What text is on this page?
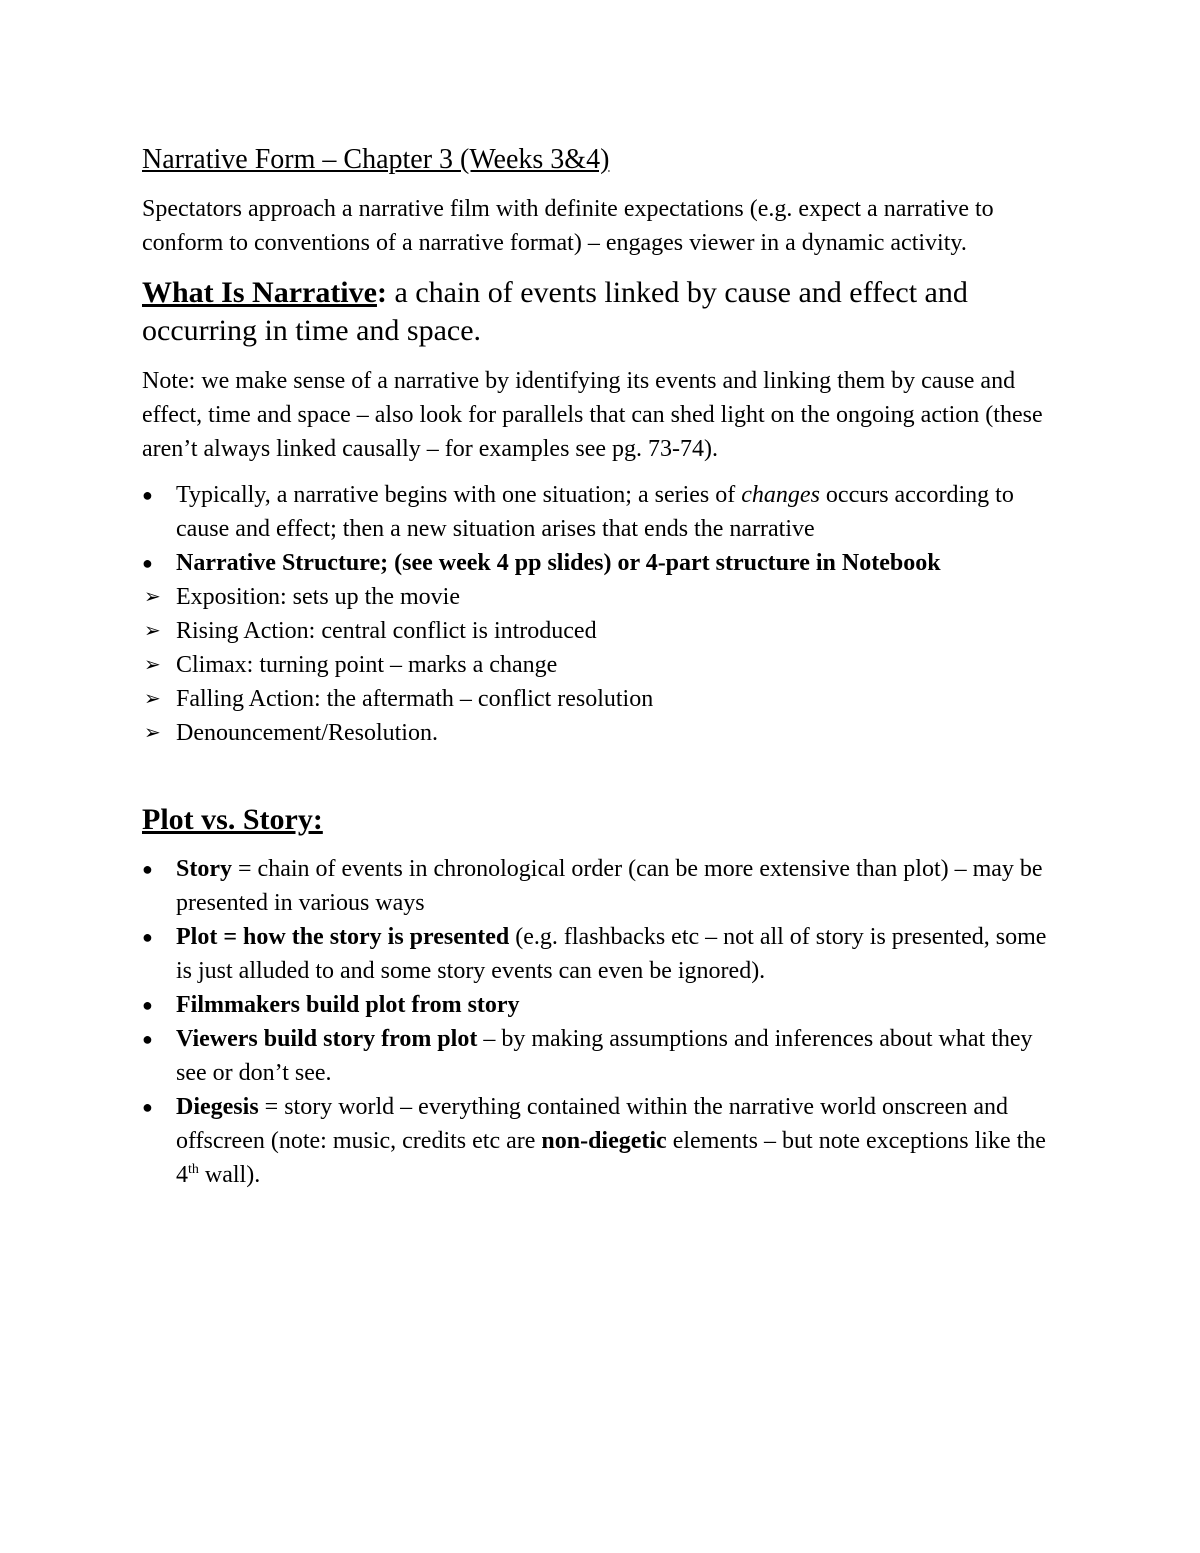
Narrative Form – Chapter 3 (Weeks 3&4)

Spectators approach a narrative film with definite expectations (e.g. expect a narrative to conform to conventions of a narrative format) – engages viewer in a dynamic activity.

What Is Narrative: a chain of events linked by cause and effect and occurring in time and space.

Note: we make sense of a narrative by identifying its events and linking them by cause and effect, time and space – also look for parallels that can shed light on the ongoing action (these aren’t always linked causally – for examples see pg. 73-74).

● Typically, a narrative begins with one situation; a series of changes occurs according to cause and effect; then a new situation arises that ends the narrative
● Narrative Structure; (see week 4 pp slides) or 4-part structure in Notebook
➢ Exposition: sets up the movie
➢ Rising Action: central conflict is introduced
➢ Climax: turning point – marks a change
➢ Falling Action: the aftermath – conflict resolution
➢ Denouncement/Resolution.
Plot vs. Story:
● Story = chain of events in chronological order (can be more extensive than plot) – may be presented in various ways
● Plot = how the story is presented (e.g. flashbacks etc – not all of story is presented, some is just alluded to and some story events can even be ignored).
● Filmmakers build plot from story
● Viewers build story from plot – by making assumptions and inferences about what they see or don’t see.
● Diegesis = story world – everything contained within the narrative world onscreen and offscreen (note: music, credits etc are non-diegetic elements – but note exceptions like the 4th wall).
